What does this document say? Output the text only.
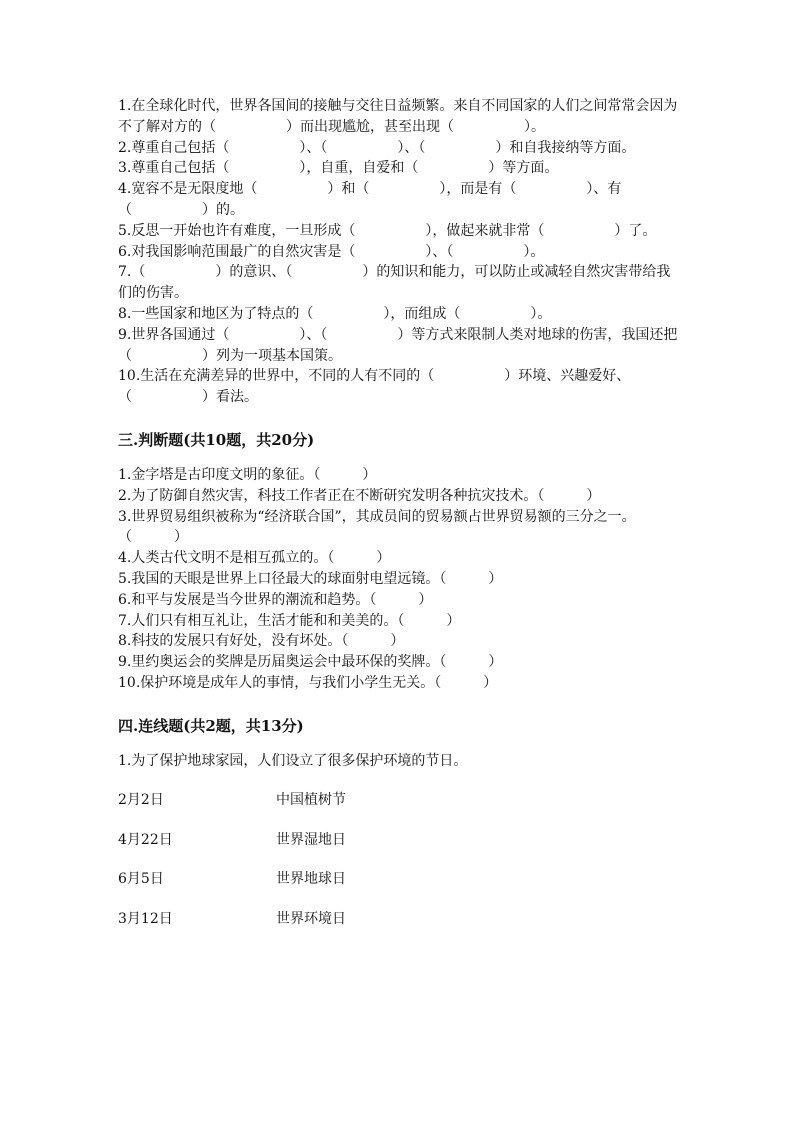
1.在全球化时代，世界各国间的接触与交往日益频繁。来自不同国家的人们之间常常会因为不了解对方的（　　　　　）而出现尴尬，甚至出现（　　　　　）。

2.尊重自己包括（　　　　　）、（　　　　　）、（　　　　　）和自我接纳等方面。

3.尊重自己包括（　　　　　），自重，自爱和（　　　　　）等方面。

4.宽容不是无限度地（　　　　　）和（　　　　　），而是有（　　　　　）、有（　　　　　）的。

5.反思一开始也许有难度，一旦形成（　　　　　），做起来就非常（　　　　　）了。

6.对我国影响范围最广的自然灾害是（　　　　　）、（　　　　　）。

7.（　　　　　）的意识、（　　　　　）的知识和能力，可以防止或减轻自然灾害带给我们的伤害。

8.一些国家和地区为了特点的（　　　　　），而组成（　　　　　）。

9.世界各国通过（　　　　　）、（　　　　　）等方式来限制人类对地球的伤害，我国还把（　　　　　）列为一项基本国策。

10.生活在充满差异的世界中，不同的人有不同的（　　　　　）环境、兴趣爱好、（　　　　　）看法。

三.判断题(共10题，共20分)

1.金字塔是古印度文明的象征。（　　　）

2.为了防御自然灾害，科技工作者正在不断研究发明各种抗灾技术。（　　　）

3.世界贸易组织被称为“经济联合国”，其成员间的贸易额占世界贸易额的三分之一。（　　　）

4.人类古代文明不是相互孤立的。（　　　）

5.我国的天眼是世界上口径最大的球面射电望远镜。（　　　）

6.和平与发展是当今世界的潮流和趋势。（　　　）

7.人们只有相互礼让，生活才能和和美美的。（　　　）

8.科技的发展只有好处，没有坏处。（　　　）

9.里约奥运会的奖牌是历届奥运会中最环保的奖牌。（　　　）

10.保护环境是成年人的事情，与我们小学生无关。（　　　）

四.连线题(共2题，共13分)

1.为了保护地球家园，人们设立了很多保护环境的节日。

2月2日	中国植树节
4月22日	世界湿地日
6月5日	世界地球日
3月12日	世界环境日
